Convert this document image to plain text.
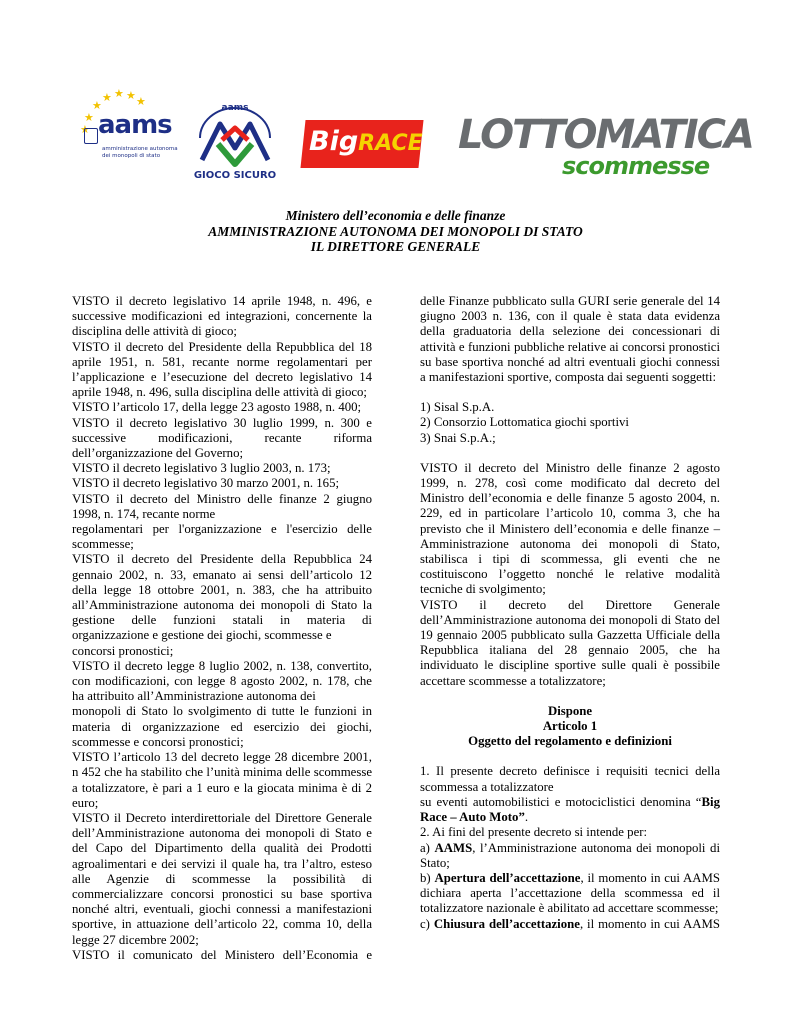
★
★ ★ ★ ★
★
★ aams
amministrazione autonoma dei monopoli di stato
aams
GIOCO SICURO
BigRACE LOTTOMATICA
scommesse
Ministero dell’economia e delle finanze
AMMINISTRAZIONE AUTONOMA DEI MONOPOLI DI STATO
IL DIRETTORE GENERALE

VISTO il decreto legislativo 14 aprile 1948, n. 496, e successive modificazioni ed integrazioni, concernente la disciplina delle attività di gioco;

VISTO il decreto del Presidente della Repubblica del 18 aprile 1951, n. 581, recante norme regolamentari per l’applicazione e l’esecuzione del decreto legislativo 14 aprile 1948, n. 496, sulla disciplina delle attività di gioco;

VISTO l’articolo 17, della legge 23 agosto 1988, n. 400;

VISTO il decreto legislativo 30 luglio 1999, n. 300 e successive modificazioni, recante riforma dell’organizzazione del Governo;

VISTO il decreto legislativo 3 luglio 2003, n. 173;

VISTO il decreto legislativo 30 marzo 2001, n. 165;

VISTO il decreto del Ministro delle finanze 2 giugno

1998, n. 174, recante norme

regolamentari per l'organizzazione e l'esercizio delle scommesse;

VISTO il decreto del Presidente della Repubblica 24 gennaio 2002, n. 33, emanato ai sensi dell’articolo 12 della legge 18 ottobre 2001, n. 383, che ha attribuito all’Amministrazione autonoma dei monopoli di Stato la gestione delle funzioni statali in materia di

organizzazione e gestione dei giochi, scommesse e

concorsi pronostici;

VISTO il decreto legge 8 luglio 2002, n. 138, convertito, con modificazioni, con legge 8 agosto 2002, n. 178, che

ha attribuito all’Amministrazione autonoma dei

monopoli di Stato lo svolgimento di tutte le funzioni in materia di organizzazione ed esercizio dei giochi, scommesse e concorsi pronostici;

VISTO l’articolo 13 del decreto legge 28 dicembre 2001, n 452 che ha stabilito che l’unità minima delle scommesse a totalizzatore, è pari a 1 euro e la giocata minima è di 2 euro;

VISTO il Decreto interdirettoriale del Direttore Generale dell’Amministrazione autonoma dei monopoli di Stato e del Capo del Dipartimento della qualità dei Prodotti agroalimentari e dei servizi il quale ha, tra l’altro, esteso alle Agenzie di scommesse la possibilità di commercializzare concorsi pronostici su base sportiva nonché altri, eventuali, giochi connessi a manifestazioni sportive, in attuazione dell’articolo 22, comma 10, della legge 27 dicembre 2002;

VISTO il comunicato del Ministero dell’Economia e

delle Finanze pubblicato sulla GURI serie generale del 14 giugno 2003 n. 136, con il quale è stata data evidenza della graduatoria della selezione dei concessionari di attività e funzioni pubbliche relative ai concorsi pronostici su base sportiva nonché ad altri eventuali giochi connessi a manifestazioni sportive, composta dai seguenti soggetti:

1) Sisal S.p.A.

2) Consorzio Lottomatica giochi sportivi

3) Snai S.p.A.;

VISTO il decreto del Ministro delle finanze 2 agosto 1999, n. 278, così come modificato dal decreto del Ministro dell’economia e delle finanze 5 agosto 2004, n. 229, ed in particolare l’articolo 10, comma 3, che ha previsto che il Ministero dell’economia e delle finanze – Amministrazione autonoma dei monopoli di Stato, stabilisca i tipi di scommessa, gli eventi che ne costituiscono l’oggetto nonché le relative modalità tecniche di svolgimento;

VISTO il decreto del Direttore Generale dell’Amministrazione autonoma dei monopoli di Stato del 19 gennaio 2005 pubblicato sulla Gazzetta Ufficiale della Repubblica italiana del 28 gennaio 2005, che ha individuato le discipline sportive sulle quali è possibile accettare scommesse a totalizzatore;

Dispone

Articolo 1

Oggetto del regolamento e definizioni

1. Il presente decreto definisce i requisiti tecnici della scommessa a totalizzatore

su eventi automobilistici e motociclistici denomina “Big Race – Auto Moto”.

2. Ai fini del presente decreto si intende per:

a) AAMS, l’Amministrazione autonoma dei monopoli di Stato;

b) Apertura dell’accettazione, il momento in cui AAMS dichiara aperta l’accettazione della scommessa ed il totalizzatore nazionale è abilitato ad accettare scommesse;

c) Chiusura dell’accettazione, il momento in cui AAMS
